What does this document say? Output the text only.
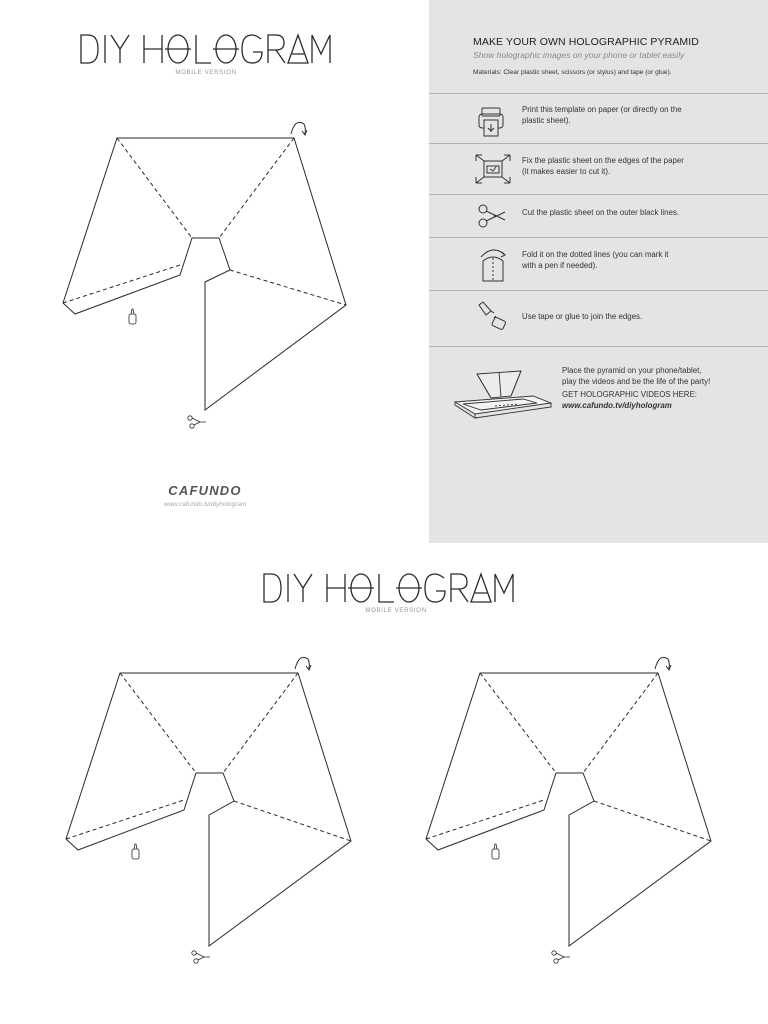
MOBILE VERSION
CAFUNDO
www.cafundo.tv/diyhologram
MAKE YOUR OWN HOLOGRAPHIC PYRAMID
Show holographic images on your phone or tablet easily
Materials: Clear plastic sheet, scissors (or stylus) and tape (or glue).
Print this template on paper (or directly on the
plastic sheet).
Fix the plastic sheet on the edges of the paper
(it makes easier to cut it).
Cut the plastic sheet on the outer black lines.
Fold it on the dotted lines (you can mark it
with a pen if needed).
Use tape or glue to join the edges.
Place the pyramid on your phone/tablet,
play the videos and be the life of the party!
GET HOLOGRAPHIC VIDEOS HERE:
www.cafundo.tv/diyhologram
MOBILE VERSION
